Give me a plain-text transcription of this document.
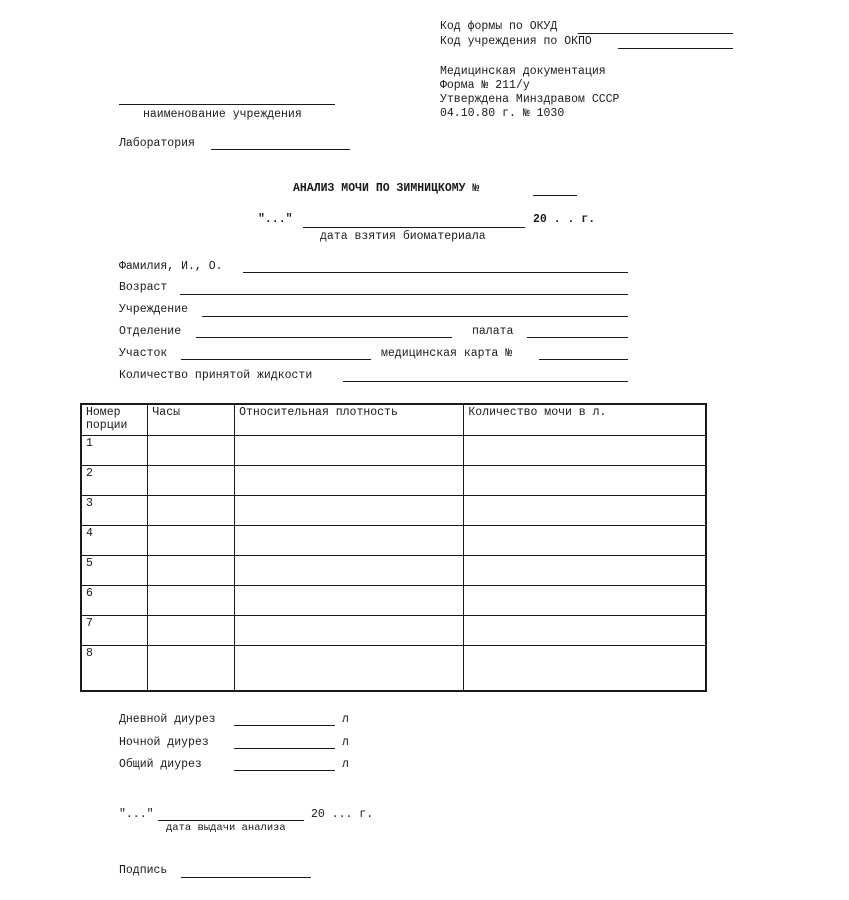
Код формы по ОКУД
Код учреждения по ОКПО
Медицинская документация
Форма № 211/у
Утверждена Минздравом СССР
04.10.80 г. № 1030
наименование учреждения
Лаборатория
АНАЛИЗ МОЧИ ПО ЗИМНИЦКОМУ №
"..."	20 . . г.
дата взятия биоматериала
Фамилия, И., О.
Возраст
Учреждение
Отделение	палата
Участок	медицинская карта №
Количество принятой жидкости
Номер порции	Часы	Относительная плотность	Количество мочи в л.
1			
2			
3			
4			
5			
6			
7			
8			
Дневной диурез	л
Ночной диурез	л
Общий диурез	л
"..."	20 ... г.
дата выдачи анализа
Подпись
